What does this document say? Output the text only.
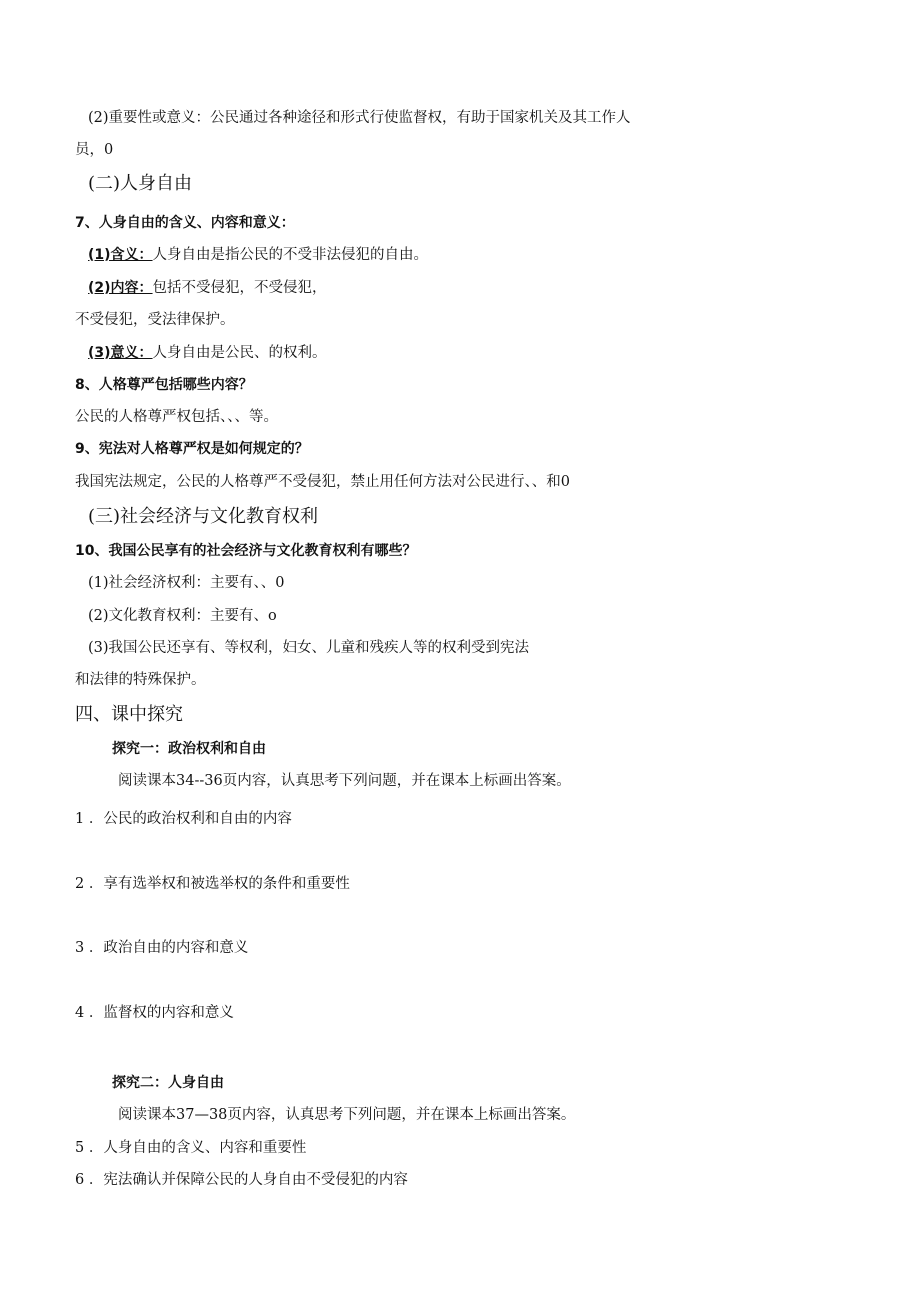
(2)重要性或意义：公民通过各种途径和形式行使监督权，有助于国家机关及其工作人
员，0
(二)人身自由
7、人身自由的含义、内容和意义：
(1)含义：人身自由是指公民的不受非法侵犯的自由。
(2)内容：包括不受侵犯，不受侵犯，
不受侵犯，受法律保护。
(3)意义：人身自由是公民、的权利。
8、人格尊严包括哪些内容？
公民的人格尊严权包括、、、等。
9、宪法对人格尊严权是如何规定的？
我国宪法规定，公民的人格尊严不受侵犯，禁止用任何方法对公民进行、、和0
(三)社会经济与文化教育权利
10、我国公民享有的社会经济与文化教育权利有哪些？
(1)社会经济权利：主要有、、0
(2)文化教育权利：主要有、o
(3)我国公民还享有、等权利，妇女、儿童和残疾人等的权利受到宪法
和法律的特殊保护。
四、课中探究
探究一：政治权利和自由
阅读课本34--36页内容，认真思考下列问题，并在课本上标画出答案。
1 ．公民的政治权利和自由的内容
2 ．享有选举权和被选举权的条件和重要性
3 ．政治自由的内容和意义
4 ．监督权的内容和意义
探究二：人身自由
阅读课本37—38页内容，认真思考下列问题，并在课本上标画出答案。
5 ．人身自由的含义、内容和重要性
6 ．宪法确认并保障公民的人身自由不受侵犯的内容
